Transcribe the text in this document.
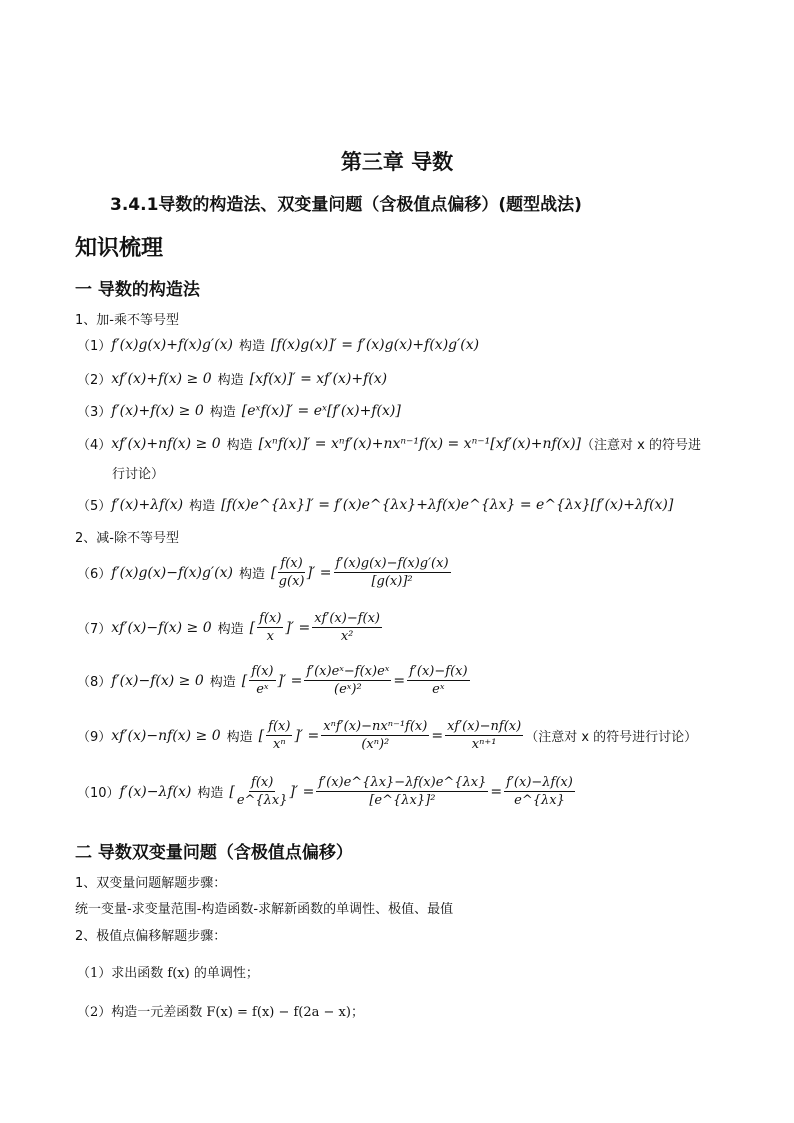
第三章 导数
3.4.1导数的构造法、双变量问题（含极值点偏移）(题型战法)
知识梳理
一 导数的构造法
1、加-乘不等号型
（1） f′(x)g(x)+f(x)g′(x) 构造 [f(x)g(x)]′ = f′(x)g(x)+f(x)g′(x)
（2） xf′(x)+f(x) ≥ 0 构造 [xf(x)]′ = xf′(x)+f(x)
（3） f′(x)+f(x) ≥ 0 构造 [eˣf(x)]′ = eˣ[f′(x)+f(x)]
（4） xf′(x)+nf(x) ≥ 0 构造 [xⁿf(x)]′ = xⁿf′(x)+nxⁿ⁻¹f(x) = xⁿ⁻¹[xf′(x)+nf(x)] （注意对 x 的符号进
行讨论）
（5） f′(x)+λf(x) 构造 [f(x)e^{λx}]′ = f′(x)e^{λx}+λf(x)e^{λx} = e^{λx}[f′(x)+λf(x)]
2、减-除不等号型
（6） f′(x)g(x)−f(x)g′(x) 构造 [ $\frac{f(x)}{g(x)}$ ]′ = $\frac{f'(x)g(x)-f(x)g'(x)}{\text{[g(x)]²}}$
（7） xf′(x)−f(x) ≥ 0 构造 [ $\frac{f(x)}{x}$ ]′ = $\frac{xf'(x)-f(x)}{\text{x²}}$
（8） f′(x)−f(x) ≥ 0 构造 [ $\frac{f(x)}{\text{eˣ}}$ ]′ = $\frac{\text{f′(x)eˣ−f(x)eˣ}}{\text{(eˣ)²}} = \frac{f'(x)-f(x)}{\text{eˣ}}$
（9） xf′(x)−nf(x) ≥ 0 构造 [ $\frac{f(x)}{\text{xⁿ}}$ ]′ = $\frac{\text{xⁿf′(x)−nxⁿ⁻¹f(x)}}{\text{(xⁿ)²}} = \frac{xf'(x)-nf(x)}{\text{xⁿ⁺¹}}$ （注意对 x 的符号进行讨论）
（10） f′(x)−λf(x) 构造 [ $\frac{f(x)}{e\^{}\{\lambda x\}}$ ]′ = $\frac{f'(x)e\^{}\{\lambda x\}-\lambda f(x)e\^{}\{\lambda x\}}{\text{[e\textasciicircum{}\{λx\}]²}} = \frac{f'(x)-\lambda f(x)}{e\^{}\{\lambda x\}}$
二 导数双变量问题（含极值点偏移）
1、双变量问题解题步骤：
统一变量-求变量范围-构造函数-求解新函数的单调性、极值、最值
2、极值点偏移解题步骤：
（1）求出函数 f(x) 的单调性；
（2）构造一元差函数 F(x) = f(x) − f(2a − x)；
